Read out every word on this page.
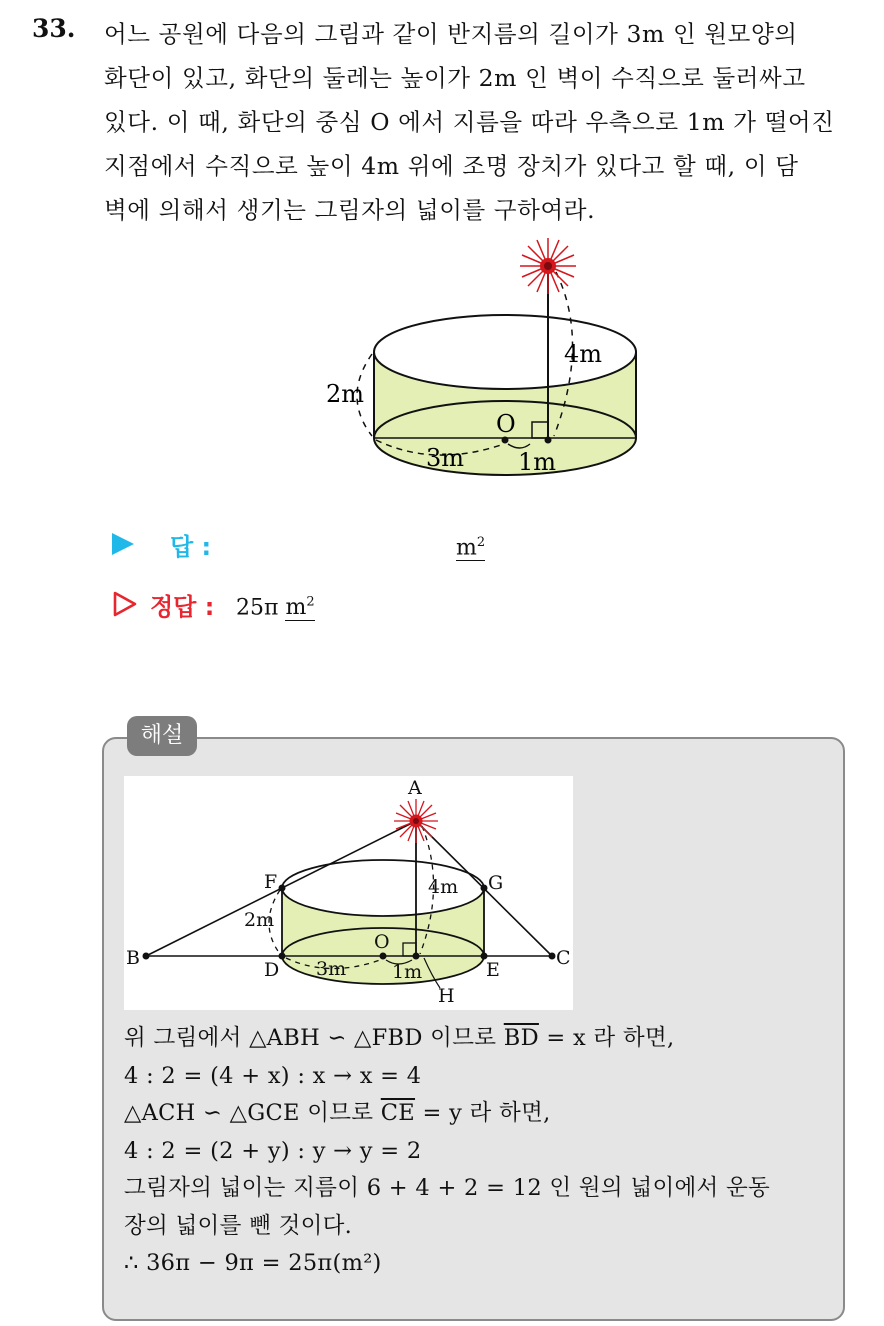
33. 어느 공원에 다음의 그림과 같이 반지름의 길이가 3m 인 원모양의
화단이 있고, 화단의 둘레는 높이가 2m 인 벽이 수직으로 둘러싸고
있다. 이 때, 화단의 중심 O 에서 지름을 따라 우측으로 1m 가 떨어진
지점에서 수직으로 높이 4m 위에 조명 장치가 있다고 할 때, 이 담
벽에 의해서 생기는 그림자의 넓이를 구하여라.
4m
2m
O
3m 1m
답 :	$m^2$
정답 : 25π $m^2$
해설
A
B	C
D	E
F	G
H
O
4m
2m
3m 1m
위 그림에서 △ABH ∽ △FBD 이므로 $\overline{BD} = x$ 라 하면,
4 : 2 = (4 + x) : x → x = 4
△ACH ∽ △GCE 이므로 $\overline{CE} = y$ 라 하면,
4 : 2 = (2 + y) : y → y = 2
그림자의 넓이는 지름이 6 + 4 + 2 = 12 인 원의 넓이에서 운동
장의 넓이를 뺀 것이다.
∴ 36π − 9π = 25π(m²)
